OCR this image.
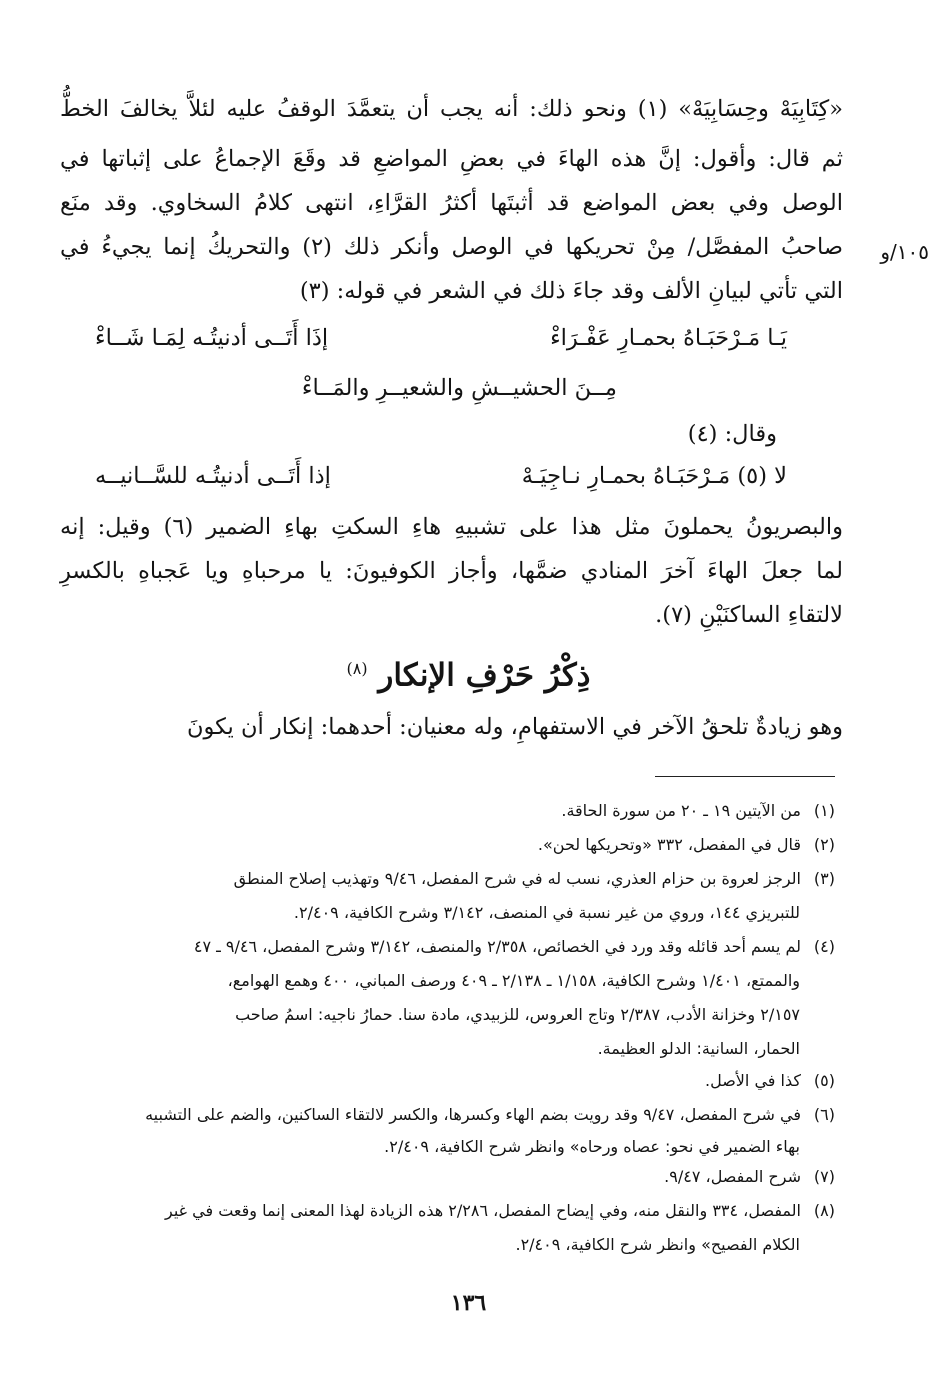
«كِتَابِيَهْ وحِسَابِيَهْ» (١) ونحو ذلك: أنه يجب أن يتعمَّدَ الوقفُ عليه لئلاَّ يخالفَ الخطُّ
ثم قال: وأقول: إنَّ هذه الهاءَ في بعضِ المواضعِ قد وقَعَ الإجماعُ على إثباتها في
الوصل وفي بعض المواضع قد أثبتَها أكثرُ القرَّاءِ، انتهى كلامُ السخاوي. وقد منَع
صاحبُ المفصَّل/ مِنْ تحريكها في الوصل وأنكر ذلك (٢) والتحريكُ إنما يجيءُ في ١٠٥/و
التي تأتي لبيانِ الألف وقد جاءَ ذلك في الشعر في قوله: (٣)
يَـا مَـرْحَبَـاهُ بحمـارِ عَفْـرَاءْ
إذَا أَتَــى أدنيتُـه لِمَـا شَــاءْ
مِــنَ الحشيــشِ والشعيــرِ والمَــاءْ
وقال: (٤)
لا (٥) مَـرْحَبَـاهُ بحمـارِ نـاجِيَـهْ
إذا أَتَــى أدنيتُـه للسَّــانيــه
والبصريونُ يحملونَ مثل هذا على تشبيهِ هاءِ السكتِ بهاءِ الضمير (٦) وقيل: إنه
لما جعلَ الهاءَ آخرَ المنادي ضمَّها، وأجاز الكوفيونَ: يا مرحباهِ ويا عَجباهِ بالكسرِ
لالتقاءِ الساكنَيْنِ (٧).
ذِكْرُ حَرْفِ الإنكار $^{(٨)}$
وهو زيادةٌ تلحقُ الآخر في الاستفهامِ، وله معنيان: أحدهما: إنكار أن يكونَ
(١)من الآيتين ١٩ ـ ٢٠ من سورة الحاقة.
(٢)قال في المفصل، ٣٣٢ «وتحريكها لحن».
(٣)الرجز لعروة بن حزام العذري، نسب له في شرح المفصل، ٩/٤٦ وتهذيب إصلاح المنطق
للتبريزي ١٤٤، وروي من غير نسبة في المنصف، ٣/١٤٢ وشرح الكافية، ٢/٤٠٩.
(٤)لم يسم أحد قائله وقد ورد في الخصائص، ٢/٣٥٨ والمنصف، ٣/١٤٢ وشرح المفصل، ٩/٤٦ ـ ٤٧
والممتع، ١/٤٠١ وشرح الكافية، ١/١٥٨ ـ ٢/١٣٨ ـ ٤٠٩ ورصف المباني، ٤٠٠ وهمع الهوامع،
٢/١٥٧ وخزانة الأدب، ٢/٣٨٧ وتاج العروس، للزبيدي، مادة سنا. حمارُ ناجيه: اسمُ صاحب
الحمار، السانية: الدلو العظيمة.
(٥)كذا في الأصل.
(٦)في شرح المفصل، ٩/٤٧ وقد رويت بضم الهاء وكسرها، والكسر لالتقاء الساكنين، والضم على التشبيه
بهاء الضمير في نحو: عصاه ورحاه» وانظر شرح الكافية، ٢/٤٠٩.
(٧)شرح المفصل، ٩/٤٧.
(٨)المفصل، ٣٣٤ والنقل منه، وفي إيضاح المفصل، ٢/٢٨٦ هذه الزيادة لهذا المعنى إنما وقعت في غير
الكلام الفصيح» وانظر شرح الكافية، ٢/٤٠٩.
١٣٦
